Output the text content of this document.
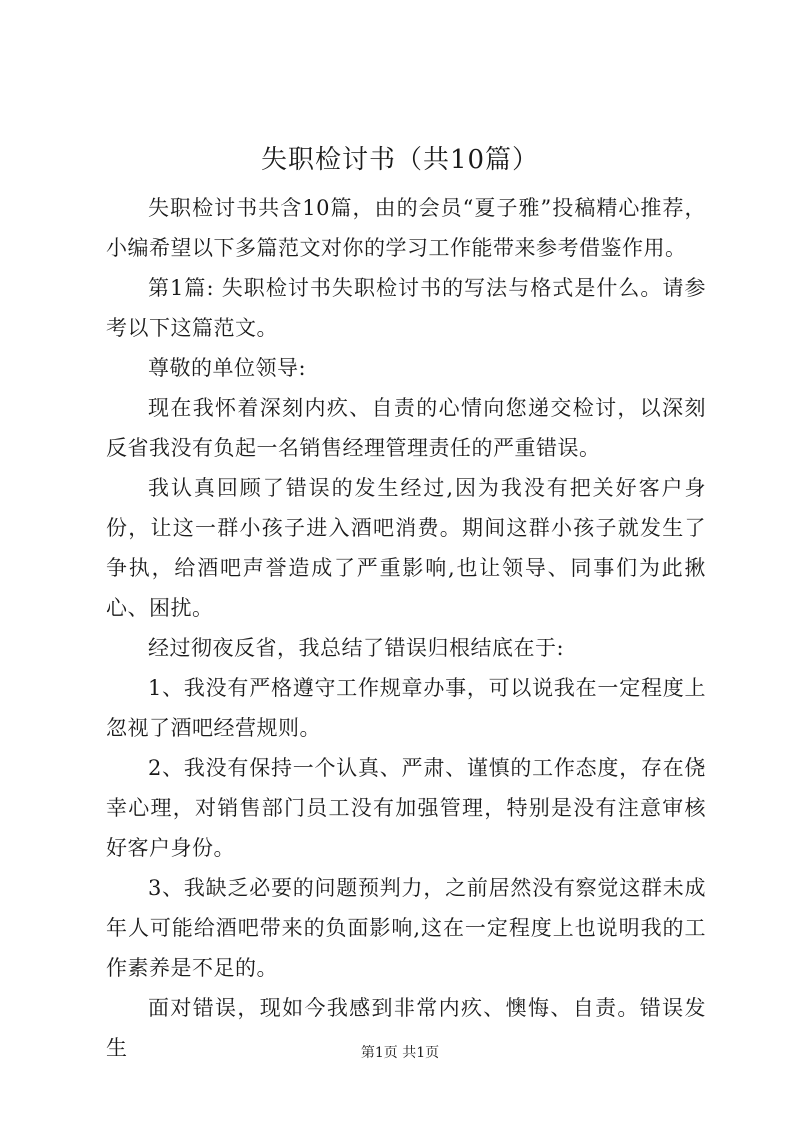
失职检讨书（共10篇）

失职检讨书共含10篇，由的会员“夏子雅”投稿精心推荐，小编希望以下多篇范文对你的学习工作能带来参考借鉴作用。

第1篇: 失职检讨书失职检讨书的写法与格式是什么。请参考以下这篇范文。

尊敬的单位领导:

现在我怀着深刻内疚、自责的心情向您递交检讨，以深刻反省我没有负起一名销售经理管理责任的严重错误。

我认真回顾了错误的发生经过,因为我没有把关好客户身份，让这一群小孩子进入酒吧消费。期间这群小孩子就发生了争执，给酒吧声誉造成了严重影响,也让领导、同事们为此揪心、困扰。

经过彻夜反省，我总结了错误归根结底在于:

1、我没有严格遵守工作规章办事，可以说我在一定程度上忽视了酒吧经营规则。

2、我没有保持一个认真、严肃、谨慎的工作态度，存在侥幸心理，对销售部门员工没有加强管理，特别是没有注意审核好客户身份。

3、我缺乏必要的问题预判力，之前居然没有察觉这群未成年人可能给酒吧带来的负面影响,这在一定程度上也说明我的工作素养是不足的。

面对错误，现如今我感到非常内疚、懊悔、自责。错误发生	第1页 共1页
